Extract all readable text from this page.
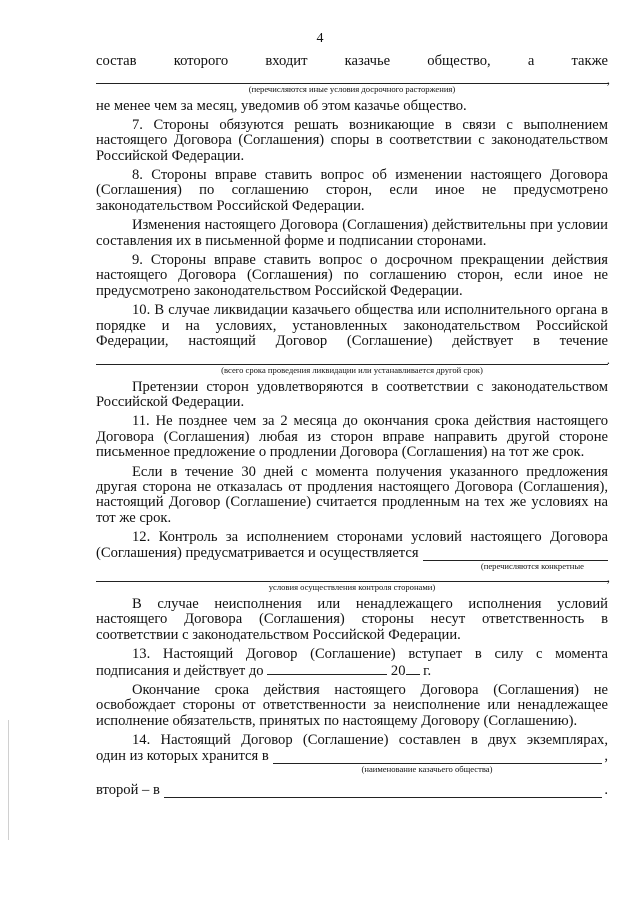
4

состав которого входит казачье общество, а также

,

(перечисляются иные условия досрочного расторжения)

не менее чем за месяц, уведомив об этом казачье общество.

7. Стороны обязуются решать возникающие в связи с выполнением настоящего Договора (Соглашения) споры в соответствии с законодательством Российской Федерации.

8. Стороны вправе ставить вопрос об изменении настоящего Договора (Соглашения) по соглашению сторон, если иное не предусмотрено законодательством Российской Федерации.

Изменения настоящего Договора (Соглашения) действительны при условии составления их в письменной форме и подписании сторонами.

9. Стороны вправе ставить вопрос о досрочном прекращении действия настоящего Договора (Соглашения) по соглашению сторон, если иное не предусмотрено законодательством Российской Федерации.

10. В случае ликвидации казачьего общества или исполнительного органа в порядке и на условиях, установленных законодательством Российской Федерации, настоящий Договор (Соглашение) действует в течение

.

(всего срока проведения ликвидации или устанавливается другой срок)

Претензии сторон удовлетворяются в соответствии с законодательством Российской Федерации.

11. Не позднее чем за 2 месяца до окончания срока действия настоящего Договора (Соглашения) любая из сторон вправе направить другой стороне письменное предложение о продлении Договора (Соглашения) на тот же срок.

Если в течение 30 дней с момента получения указанного предложения другая сторона не отказалась от продления настоящего Договора (Соглашения), настоящий Договор (Соглашение) считается продленным на тех же условиях на тот же срок.

12. Контроль за исполнением сторонами условий настоящего Договора

(Соглашения) предусматривается и осуществляется

(перечисляются конкретные

,

условия осуществления контроля сторонами)

В случае неисполнения или ненадлежащего исполнения условий настоящего Договора (Соглашения) стороны несут ответственность в соответствии с законодательством Российской Федерации.

13. Настоящий Договор (Соглашение) вступает в силу с момента

подписания и действует до	20 г.

Окончание срока действия настоящего Договора (Соглашения) не освобождает стороны от ответственности за неисполнение или ненадлежащее исполнение обязательств, принятых по настоящему Договору (Соглашению).

14. Настоящий Договор (Соглашение) составлен в двух экземплярах,

один из которых хранится в	,

(наименование казачьего общества)

второй – в	.
